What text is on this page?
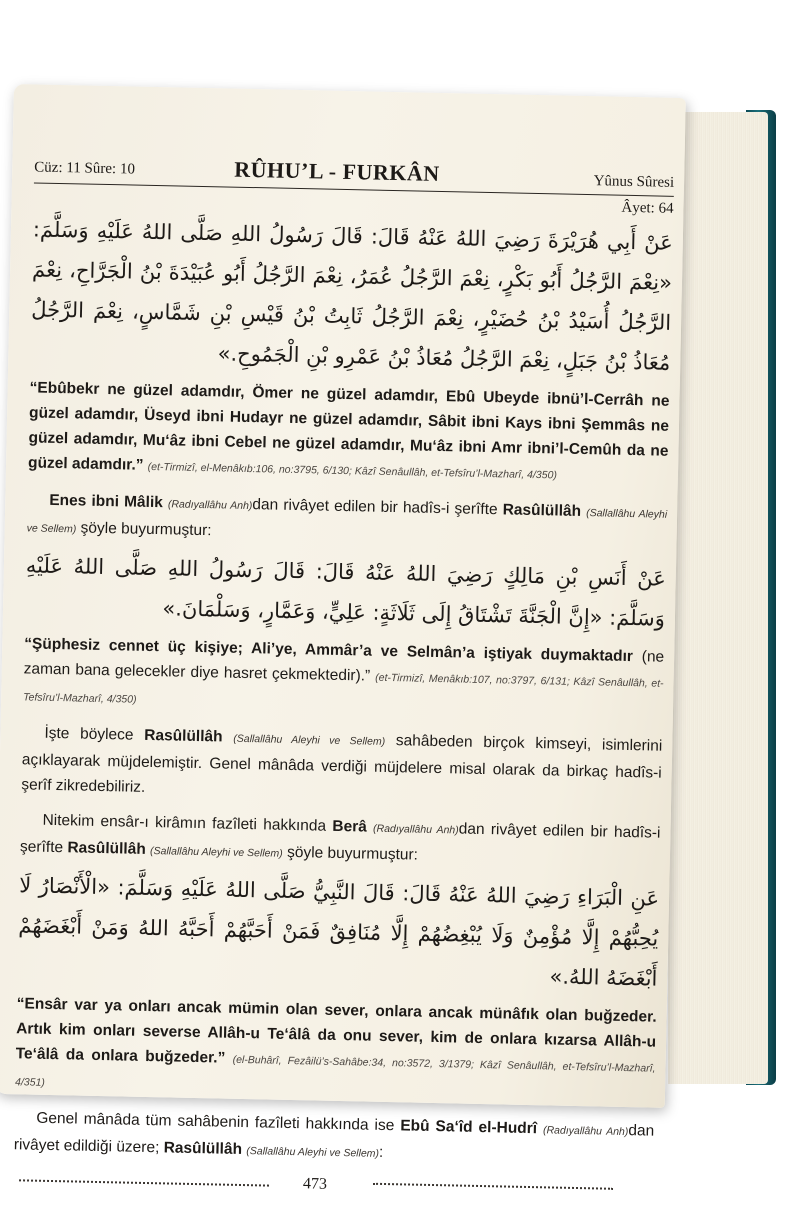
Cüz: 11 Sûre: 10	RÛHU’L - FURKÂN	Yûnus Sûresi
Âyet: 64
عَنْ أَبِي هُرَيْرَةَ رَضِيَ اللهُ عَنْهُ قَالَ: قَالَ رَسُولُ اللهِ صَلَّى اللهُ عَلَيْهِ وَسَلَّمَ: «نِعْمَ الرَّجُلُ أَبُو بَكْرٍ، نِعْمَ الرَّجُلُ عُمَرُ، نِعْمَ الرَّجُلُ أَبُو عُبَيْدَةَ بْنُ الْجَرَّاحِ، نِعْمَ الرَّجُلُ أُسَيْدُ بْنُ حُضَيْرٍ، نِعْمَ الرَّجُلُ ثَابِتُ بْنُ قَيْسِ بْنِ شَمَّاسٍ، نِعْمَ الرَّجُلُ مُعَاذُ بْنُ جَبَلٍ، نِعْمَ الرَّجُلُ مُعَاذُ بْنُ عَمْرِو بْنِ الْجَمُوحِ.»
“Ebûbekr ne güzel adamdır, Ömer ne güzel adamdır, Ebû Ubeyde ibnü’l-Cerrâh ne güzel adamdır, Üseyd ibni Hudayr ne güzel adamdır, Sâbit ibni Kays ibni Şemmâs ne güzel adamdır, Mu‘âz ibni Cebel ne güzel adamdır, Mu‘âz ibni Amr ibni’l-Cemûh da ne güzel adamdır.” (et-Tirmizî, el-Menâkıb:106, no:3795, 6/130; Kâzî Senâullâh, et-Tefsîru’l-Mazharî, 4/350)
Enes ibni Mâlik (Radıyallâhu Anh)dan rivâyet edilen bir hadîs-i şerîfte Rasûlüllâh (Sallallâhu Aleyhi ve Sellem) şöyle buyurmuştur:
عَنْ أَنَسِ بْنِ مَالِكٍ رَضِيَ اللهُ عَنْهُ قَالَ: قَالَ رَسُولُ اللهِ صَلَّى اللهُ عَلَيْهِ وَسَلَّمَ: «إِنَّ الْجَنَّةَ تَشْتَاقُ إِلَى ثَلَاثَةٍ: عَلِيٍّ، وَعَمَّارٍ، وَسَلْمَانَ.»
“Şüphesiz cennet üç kişiye; Ali’ye, Ammâr’a ve Selmân’a iştiyak duymaktadır (ne zaman bana gelecekler diye hasret çekmektedir).” (et-Tirmizî, Menâkıb:107, no:3797, 6/131; Kâzî Senâullâh, et-Tefsîru’l-Mazharî, 4/350)
İşte böylece Rasûlüllâh (Sallallâhu Aleyhi ve Sellem) sahâbeden birçok kimseyi, isimlerini açıklayarak müjdelemiştir. Genel mânâda verdiği müjdelere misal olarak da birkaç hadîs-i şerîf zikredebiliriz.
Nitekim ensâr-ı kirâmın fazîleti hakkında Berâ (Radıyallâhu Anh)dan rivâyet edilen bir hadîs-i şerîfte Rasûlüllâh (Sallallâhu Aleyhi ve Sellem) şöyle buyurmuştur:
عَنِ الْبَرَاءِ رَضِيَ اللهُ عَنْهُ قَالَ: قَالَ النَّبِيُّ صَلَّى اللهُ عَلَيْهِ وَسَلَّمَ: «الْأَنْصَارُ لَا يُحِبُّهُمْ إِلَّا مُؤْمِنٌ وَلَا يُبْغِضُهُمْ إِلَّا مُنَافِقٌ فَمَنْ أَحَبَّهُمْ أَحَبَّهُ اللهُ وَمَنْ أَبْغَضَهُمْ أَبْغَضَهُ اللهُ.»
“Ensâr var ya onları ancak mümin olan sever, onlara ancak münâfık olan buğzeder. Artık kim onları severse Allâh-u Te‘âlâ da onu sever, kim de onlara kızarsa Allâh-u Te‘âlâ da onlara buğzeder.” (el-Buhârî, Fezâilü’s-Sahâbe:34, no:3572, 3/1379; Kâzî Senâullâh, et-Tefsîru’l-Mazharî, 4/351)
Genel mânâda tüm sahâbenin fazîleti hakkında ise Ebû Sa‘îd el-Hudrî (Radıyallâhu Anh)dan rivâyet edildiği üzere; Rasûlüllâh (Sallallâhu Aleyhi ve Sellem):
473
